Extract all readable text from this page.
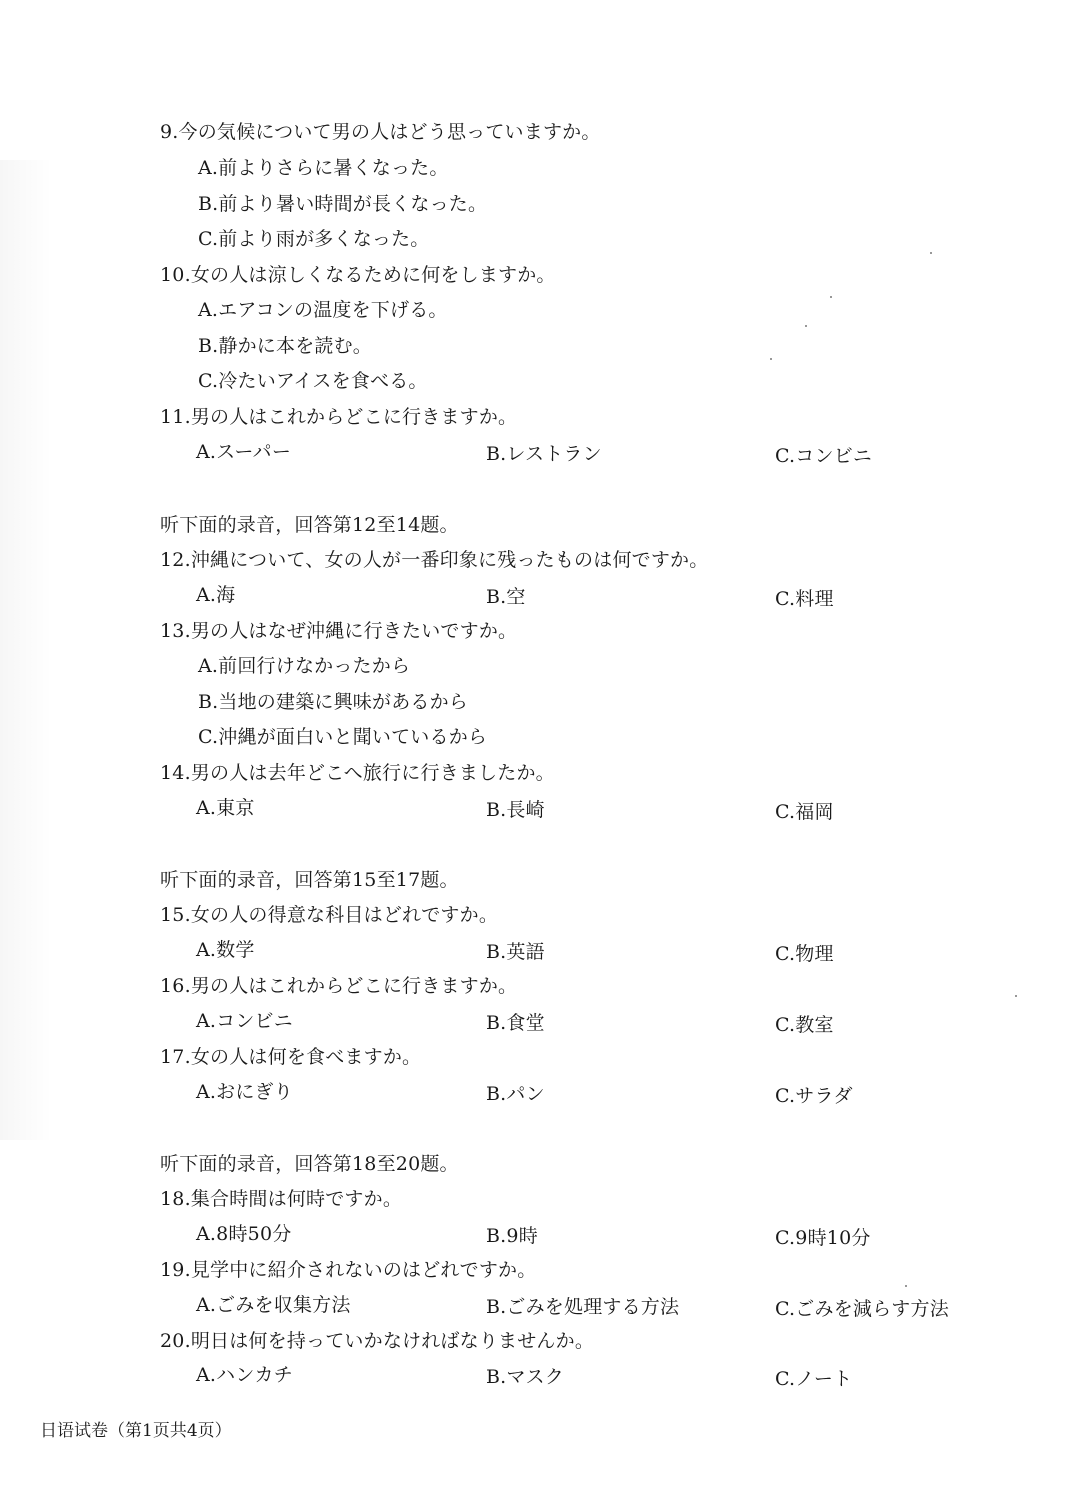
9.今の気候について男の人はどう思っていますか。
A.前よりさらに暑くなった。
B.前より暑い時間が長くなった。
C.前より雨が多くなった。
10.女の人は涼しくなるために何をしますか。
A.エアコンの温度を下げる。
B.静かに本を読む。
C.冷たいアイスを食べる。
11.男の人はこれからどこに行きますか。
A.スーパー	B.レストラン	C.コンビニ
听下面的录音，回答第12至14题。
12.沖縄について、女の人が一番印象に残ったものは何ですか。
A.海	B.空	C.料理
13.男の人はなぜ沖縄に行きたいですか。
A.前回行けなかったから
B.当地の建築に興味があるから
C.沖縄が面白いと聞いているから
14.男の人は去年どこへ旅行に行きましたか。
A.東京	B.長崎	C.福岡
听下面的录音，回答第15至17题。
15.女の人の得意な科目はどれですか。
A.数学	B.英語	C.物理
16.男の人はこれからどこに行きますか。
A.コンビニ	B.食堂	C.教室
17.女の人は何を食べますか。
A.おにぎり	B.パン	C.サラダ
听下面的录音，回答第18至20题。
18.集合時間は何時ですか。
A.8時50分	B.9時	C.9時10分
19.見学中に紹介されないのはどれですか。
A.ごみを収集方法	B.ごみを処理する方法	C.ごみを減らす方法
20.明日は何を持っていかなければなりませんか。
A.ハンカチ	B.マスク	C.ノート
日语试卷（第1页共4页）
